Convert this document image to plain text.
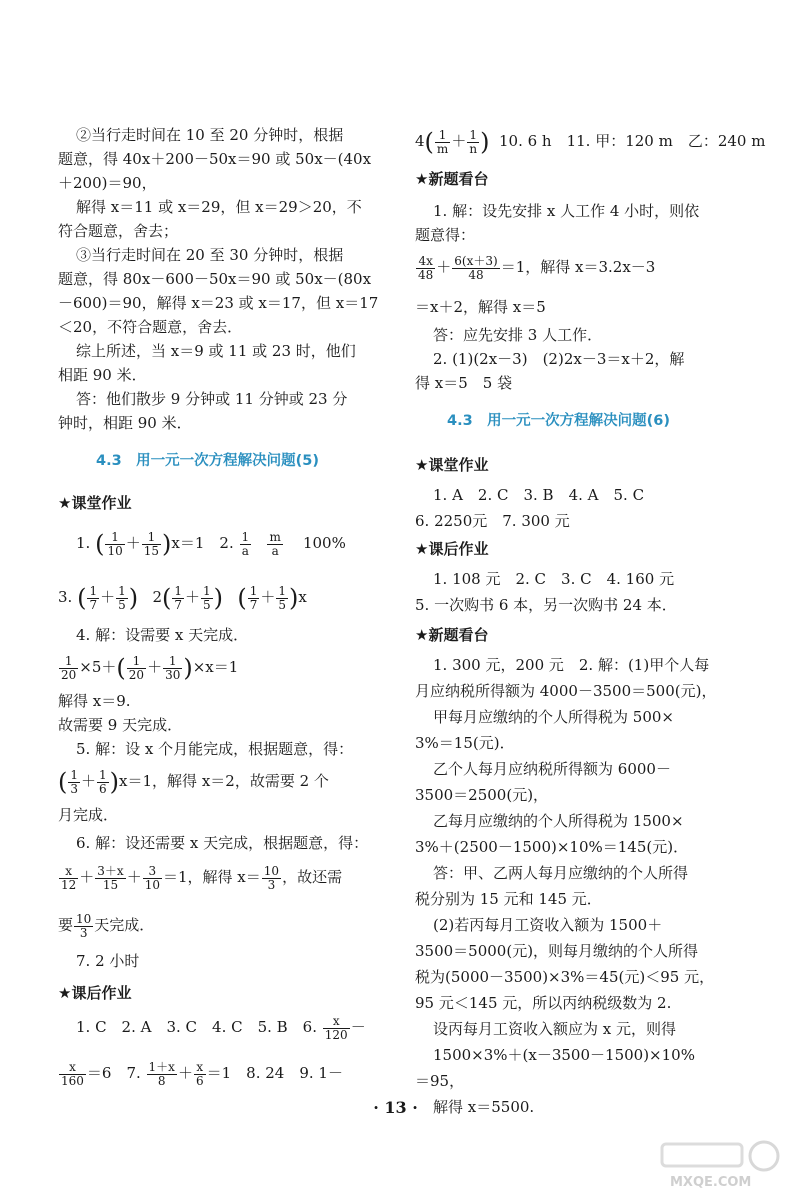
②当行走时间在 10 至 20 分钟时，根据
题意，得 40x＋200－50x＝90 或 50x－(40x
＋200)＝90，
解得 x＝11 或 x＝29，但 x＝29＞20，不
符合题意，舍去；
③当行走时间在 20 至 30 分钟时，根据
题意，得 80x－600－50x＝90 或 50x－(80x
－600)＝90，解得 x＝23 或 x＝17，但 x＝17
＜20，不符合题意，舍去．
综上所述，当 x＝9 或 11 或 23 时，他们
相距 90 米．
答：他们散步 9 分钟或 11 分钟或 23 分
钟时，相距 90 米．
4.3　用一元一次方程解决问题(5)
★课堂作业
1. ( $\frac{1}{10} + \frac{1}{15} )x=1$　2. $\frac{1}{a}$
$\frac{m}{a} 100\%$
3. ( $\frac{1}{7} + \frac{1}{5}$ )   $2( \frac{1}{7} + \frac{1}{5}$ ) ( $\frac{1}{7} + \frac{1}{5} )x$
4. 解：设需要 x 天完成．
$\frac{1}{20} \times 5+( \frac{1}{20} + \frac{1}{30} )\times x=1$
解得 x＝9.
故需要 9 天完成．
5. 解：设 x 个月能完成，根据题意，得：
( $\frac{1}{3} + \frac{1}{6} )x=1$，解得 x＝2，故需要 2 个
月完成．
6. 解：设还需要 x 天完成，根据题意，得：
$\frac{x}{12} + \frac{3+x}{15} + \frac{3}{10} =1$，解得 $x= \frac{10}{3}$ ，故还需
要 $\frac{10}{3}$ 天完成．
7. 2 小时
★课后作业
1. C　2. A　3. C　4. C　5. B　6. $\frac{x}{120}$ －
$\frac{x}{160} =6$　7. $\frac{1+x}{8} + \frac{x}{6} =1$　8. 24　9. 1－
$4( \frac{1}{m} + \frac{1}{n}$ ) 10. 6 h　11. 甲：120 m　乙：240 m
★新题看台
1. 解：设先安排 x 人工作 4 小时，则依
题意得：
$\frac{4x}{48} + \frac{6(x+3)}{48} =1$，解得 x＝3.2x－3
＝x＋2，解得 x＝5
答：应先安排 3 人工作．
2. (1)(2x－3)　(2)2x－3＝x＋2，解
得 x＝5　5 袋
4.3　用一元一次方程解决问题(6)
★课堂作业
1. A　2. C　3. B　4. A　5. C
6. 2250元　7. 300 元
★课后作业
1. 108 元　2. C　3. C　4. 160 元
5. 一次购书 6 本，另一次购书 24 本．
★新题看台
1. 300 元，200 元　2. 解：(1)甲个人每
月应纳税所得额为 4000－3500＝500(元)，
甲每月应缴纳的个人所得税为 500×
3%＝15(元)．
乙个人每月应纳税所得额为 6000－
3500＝2500(元)，
乙每月应缴纳的个人所得税为 1500×
3%＋(2500－1500)×10%＝145(元)．
答：甲、乙两人每月应缴纳的个人所得
税分别为 15 元和 145 元．
(2)若丙每月工资收入额为 1500＋
3500＝5000(元)，则每月缴纳的个人所得
税为(5000－3500)×3%＝45(元)＜95 元，
95 元＜145 元，所以丙纳税级数为 2.
设丙每月工资收入额应为 x 元，则得
1500×3%＋(x－3500－1500)×10%
＝95，
解得 x＝5500.
· 13 ·
MXQE.COM
